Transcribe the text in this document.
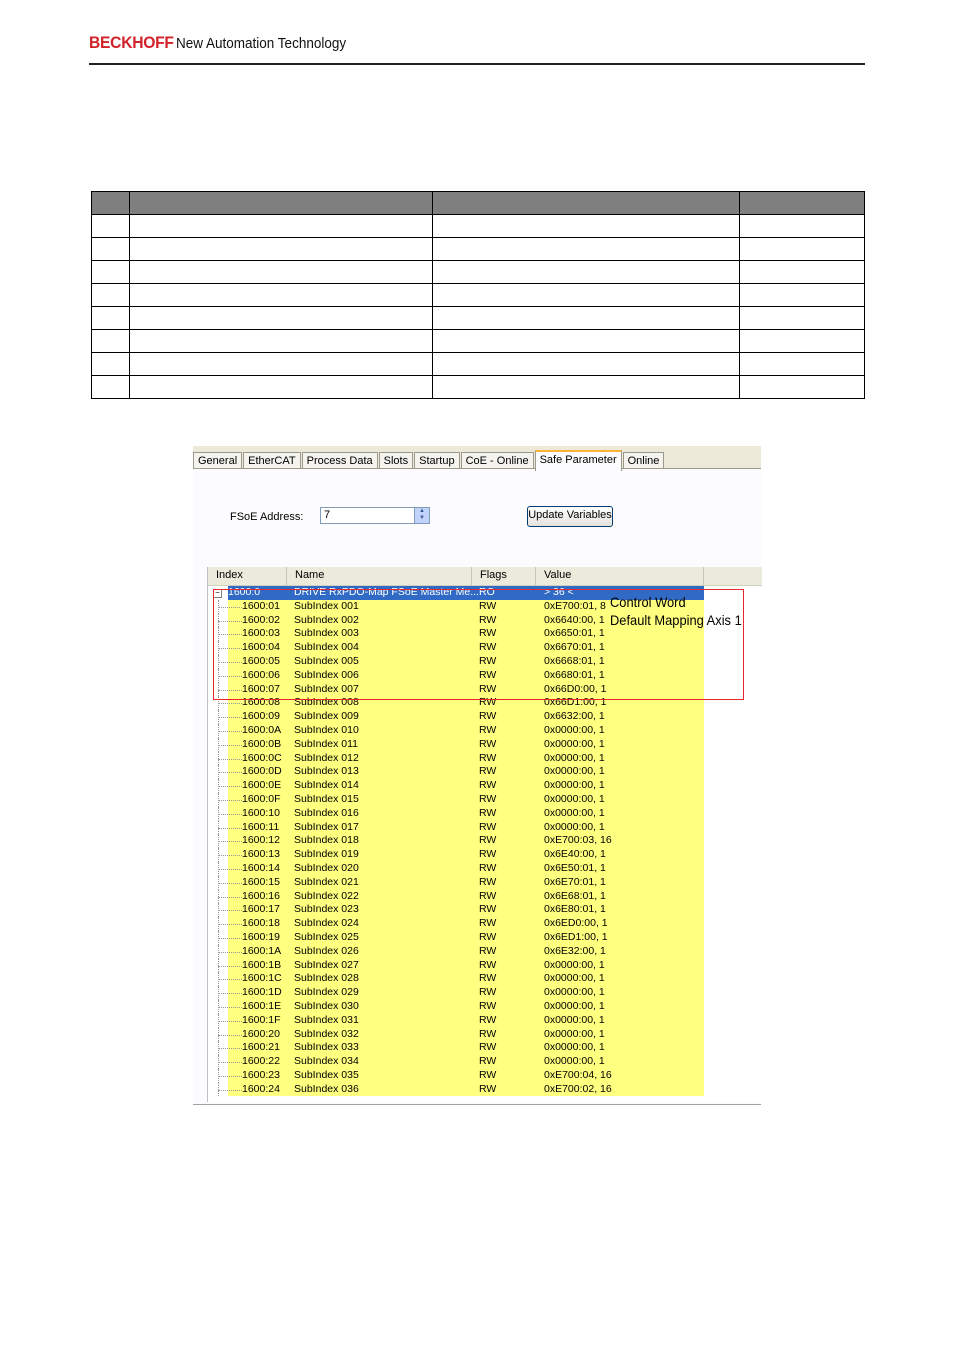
BECKHOFF New Automation Technology

General	EtherCAT	Process Data	Slots	Startup	CoE - Online	Safe Parameter	Online
FSoE Address:	7	▲
▼	Update Variables
Index	Name	Flags	Value
− 1600:0	DRIVE RxPDO-Map FSoE Master Me... RO	> 36 <
1600:01 SubIndex 001	RW	0xE700:01, 8
1600:02 SubIndex 002	RW	0x6640:00, 1
1600:03 SubIndex 003	RW	0x6650:01, 1
1600:04 SubIndex 004	RW	0x6670:01, 1
1600:05 SubIndex 005	RW	0x6668:01, 1
1600:06 SubIndex 006	RW	0x6680:01, 1
1600:07 SubIndex 007	RW	0x66D0:00, 1
1600:08 SubIndex 008	RW	0x66D1:00, 1
1600:09 SubIndex 009	RW	0x6632:00, 1
1600:0A SubIndex 010	RW	0x0000:00, 1
1600:0B SubIndex 011	RW	0x0000:00, 1
1600:0C SubIndex 012	RW	0x0000:00, 1
1600:0D SubIndex 013	RW	0x0000:00, 1
1600:0E SubIndex 014	RW	0x0000:00, 1
1600:0F SubIndex 015	RW	0x0000:00, 1
1600:10 SubIndex 016	RW	0x0000:00, 1
1600:11 SubIndex 017	RW	0x0000:00, 1
1600:12 SubIndex 018	RW	0xE700:03, 16
1600:13 SubIndex 019	RW	0x6E40:00, 1
1600:14 SubIndex 020	RW	0x6E50:01, 1
1600:15 SubIndex 021	RW	0x6E70:01, 1
1600:16 SubIndex 022	RW	0x6E68:01, 1
1600:17 SubIndex 023	RW	0x6E80:01, 1
1600:18 SubIndex 024	RW	0x6ED0:00, 1
1600:19 SubIndex 025	RW	0x6ED1:00, 1
1600:1A SubIndex 026	RW	0x6E32:00, 1
1600:1B SubIndex 027	RW	0x0000:00, 1
1600:1C SubIndex 028	RW	0x0000:00, 1
1600:1D SubIndex 029	RW	0x0000:00, 1
1600:1E SubIndex 030	RW	0x0000:00, 1
1600:1F SubIndex 031	RW	0x0000:00, 1
1600:20 SubIndex 032	RW	0x0000:00, 1
1600:21 SubIndex 033	RW	0x0000:00, 1
1600:22 SubIndex 034	RW	0x0000:00, 1
1600:23 SubIndex 035	RW	0xE700:04, 16
1600:24 SubIndex 036	RW	0xE700:02, 16
Control Word
Default Mapping Axis 1
